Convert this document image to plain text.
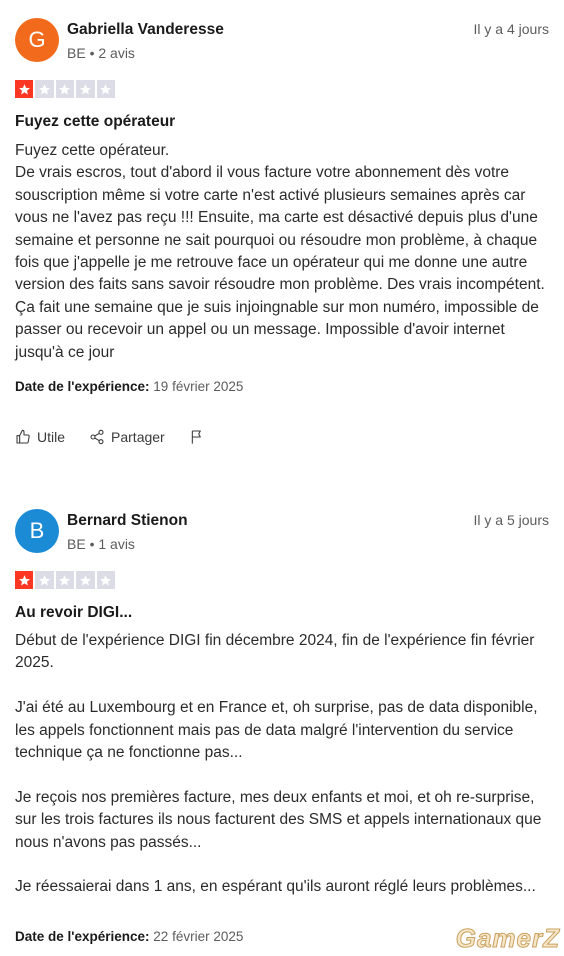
G	Gabriella Vanderesse
BE • 2 avis
Il y a 4 jours
Fuyez cette opérateur
Fuyez cette opérateur.
De vrais escros, tout d'abord il vous facture votre abonnement dès votre souscription même si votre carte n'est activé plusieurs semaines après car vous ne l'avez pas reçu !!! Ensuite, ma carte est désactivé depuis plus d'une semaine et personne ne sait pourquoi ou résoudre mon problème, à chaque fois que j'appelle je me retrouve face un opérateur qui me donne une autre version des faits sans savoir résoudre mon problème. Des vrais incompétent. Ça fait une semaine que je suis injoingnable sur mon numéro, impossible de passer ou recevoir un appel ou un message. Impossible d'avoir internet jusqu'à ce jour
Date de l'expérience: 19 février 2025
Utile	Partager
B	Bernard Stienon
BE • 1 avis
Il y a 5 jours
Au revoir DIGI...
Début de l'expérience DIGI fin décembre 2024, fin de l'expérience fin février 2025.

J'ai été au Luxembourg et en France et, oh surprise, pas de data disponible, les appels fonctionnent mais pas de data malgré l'intervention du service technique ça ne fonctionne pas...

Je reçois nos premières facture, mes deux enfants et moi, et oh re-surprise, sur les trois factures ils nous facturent des SMS et appels internationaux que nous n'avons pas passés...

Je réessaierai dans 1 ans, en espérant qu'ils auront réglé leurs problèmes...
Date de l'expérience: 22 février 2025	GamerZ
